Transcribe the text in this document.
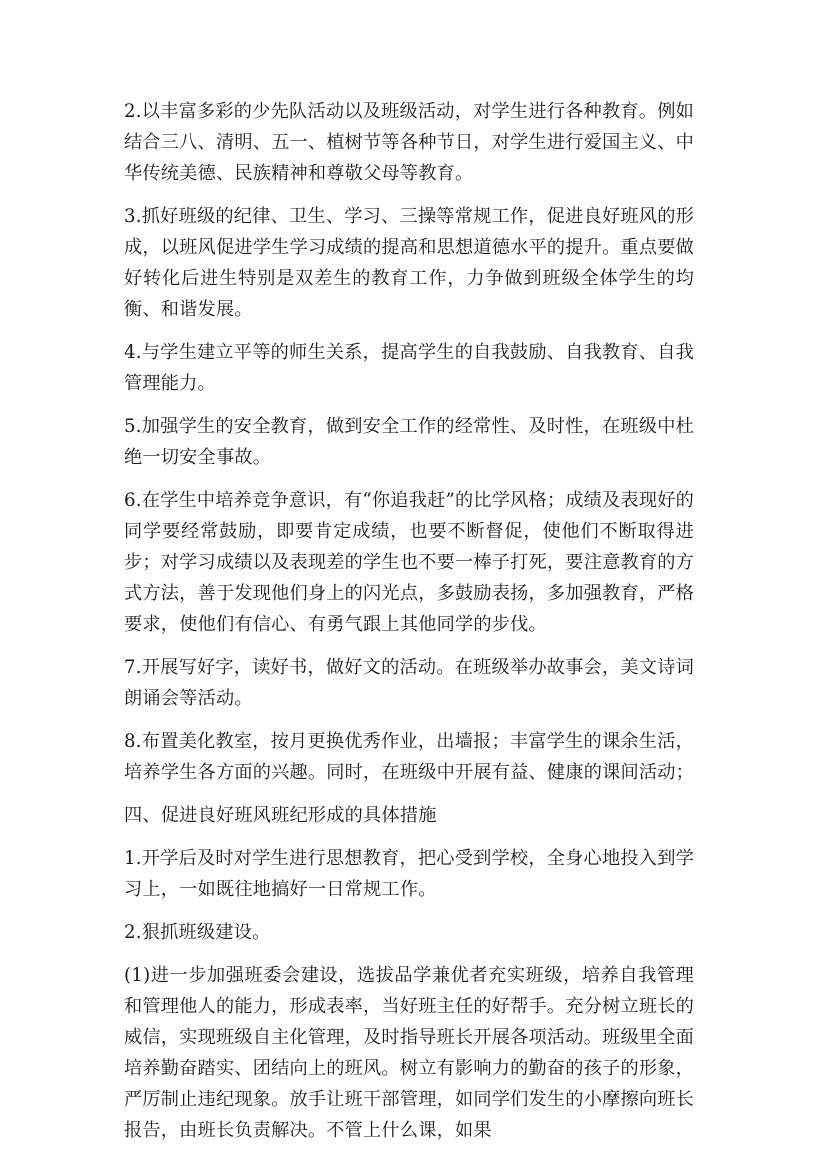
2.以丰富多彩的少先队活动以及班级活动，对学生进行各种教育。例如结合三八、清明、五一、植树节等各种节日，对学生进行爱国主义、中华传统美德、民族精神和尊敬父母等教育。

3.抓好班级的纪律、卫生、学习、三操等常规工作，促进良好班风的形成，以班风促进学生学习成绩的提高和思想道德水平的提升。重点要做好转化后进生特别是双差生的教育工作，力争做到班级全体学生的均衡、和谐发展。

4.与学生建立平等的师生关系，提高学生的自我鼓励、自我教育、自我管理能力。

5.加强学生的安全教育，做到安全工作的经常性、及时性，在班级中杜绝一切安全事故。

6.在学生中培养竞争意识，有“你追我赶”的比学风格；成绩及表现好的同学要经常鼓励，即要肯定成绩，也要不断督促，使他们不断取得进步；对学习成绩以及表现差的学生也不要一棒子打死，要注意教育的方式方法，善于发现他们身上的闪光点，多鼓励表扬，多加强教育，严格要求，使他们有信心、有勇气跟上其他同学的步伐。

7.开展写好字，读好书，做好文的活动。在班级举办故事会，美文诗词朗诵会等活动。

8.布置美化教室，按月更换优秀作业，出墙报；丰富学生的课余生活，培养学生各方面的兴趣。同时，在班级中开展有益、健康的课间活动；

四、促进良好班风班纪形成的具体措施

1.开学后及时对学生进行思想教育，把心受到学校，全身心地投入到学习上，一如既往地搞好一日常规工作。

2.狠抓班级建设。

(1)进一步加强班委会建设，选拔品学兼优者充实班级，培养自我管理和管理他人的能力，形成表率，当好班主任的好帮手。充分树立班长的威信，实现班级自主化管理，及时指导班长开展各项活动。班级里全面培养勤奋踏实、团结向上的班风。树立有影响力的勤奋的孩子的形象，严厉制止违纪现象。放手让班干部管理，如同学们发生的小摩擦向班长报告，由班长负责解决。不管上什么课，如果
